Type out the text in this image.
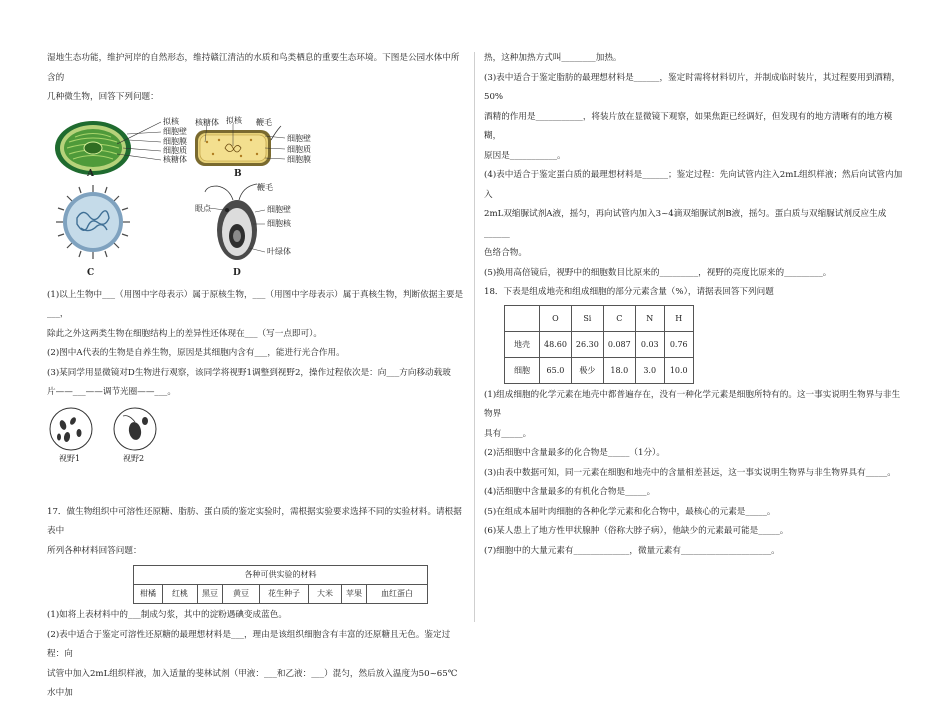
湿地生态功能，维护河岸的自然形态，维持赣江清洁的水质和鸟类栖息的重要生态环境。下图是公园水体中所含的

几种微生物，回答下列问题：

拟核
细胞壁
细胞膜
细胞质
核糖体
A
核糖体 拟核 鞭毛
细胞壁
细胞质
细胞膜
B
C
鞭毛
眼点	细胞壁
细胞核
叶绿体
D

(1)以上生物中___（用图中字母表示）属于原核生物，___（用图中字母表示）属于真核生物，判断依据主要是___，

除此之外这两类生物在细胞结构上的差异性还体现在___（写一点即可）。

(2)图中A代表的生物是自养生物，原因是其细胞内含有___，能进行光合作用。

(3)某同学用显微镜对D生物进行观察，该同学将视野1调整到视野2，操作过程依次是：向___方向移动载玻

片——___——调节光圈——___。

视野1	视野2

17．做生物组织中可溶性还原糖、脂肪、蛋白质的鉴定实验时，需根据实验要求选择不同的实验材料。请根据表中

所列各种材料回答问题：

各种可供实验的材料
柑橘	红桃	黑豆	黄豆	花生种子	大米	苹果	血红蛋白

(1)如将上表材料中的___制成匀浆，其中的淀粉遇碘变成蓝色。

(2)表中适合于鉴定可溶性还原糖的最理想材料是___，理由是该组织细胞含有丰富的还原糖且无色。鉴定过程：向

试管中加入2mL组织样液，加入适量的斐林试剂（甲液：___和乙液：___）混匀，然后放入温度为50~65℃水中加

热，这种加热方式叫________加热。

(3)表中适合于鉴定脂肪的最理想材料是______，鉴定时需将材料切片，并制成临时装片，其过程要用到酒精，50%

酒精的作用是___________，将装片放在显微镜下观察，如果焦距已经调好，但发现有的地方清晰有的地方模糊，

原因是___________。

(4)表中适合于鉴定蛋白质的最理想材料是______；鉴定过程：先向试管内注入2mL组织样液；然后向试管内加入

2mL双缩脲试剂A液，摇匀，再向试管内加入3~4滴双缩脲试剂B液，摇匀。蛋白质与双缩脲试剂反应生成______

色络合物。

(5)换用高倍镜后，视野中的细胞数目比原来的_________，视野的亮度比原来的_________。

18．下表是组成地壳和组成细胞的部分元素含量（%），请据表回答下列问题

	O	Si	C	N	H
地壳	48.60	26.30	0.087	0.03	0.76
细胞	65.0	极少	18.0	3.0	10.0

(1)组成细胞的化学元素在地壳中都普遍存在，没有一种化学元素是细胞所特有的。这一事实说明生物界与非生物界

具有_____。

(2)活细胞中含量最多的化合物是_____（1分）。

(3)由表中数据可知，同一元素在细胞和地壳中的含量相差甚远，这一事实说明生物界与非生物界具有_____。

(4)活细胞中含量最多的有机化合物是_____。

(5)在组成本届叶肉细胞的各种化学元素和化合物中，最核心的元素是_____。

(6)某人患上了地方性甲状腺肿（俗称大脖子病），他缺少的元素最可能是_____。

(7)细胞中的大量元素有_____________，微量元素有_____________________。
